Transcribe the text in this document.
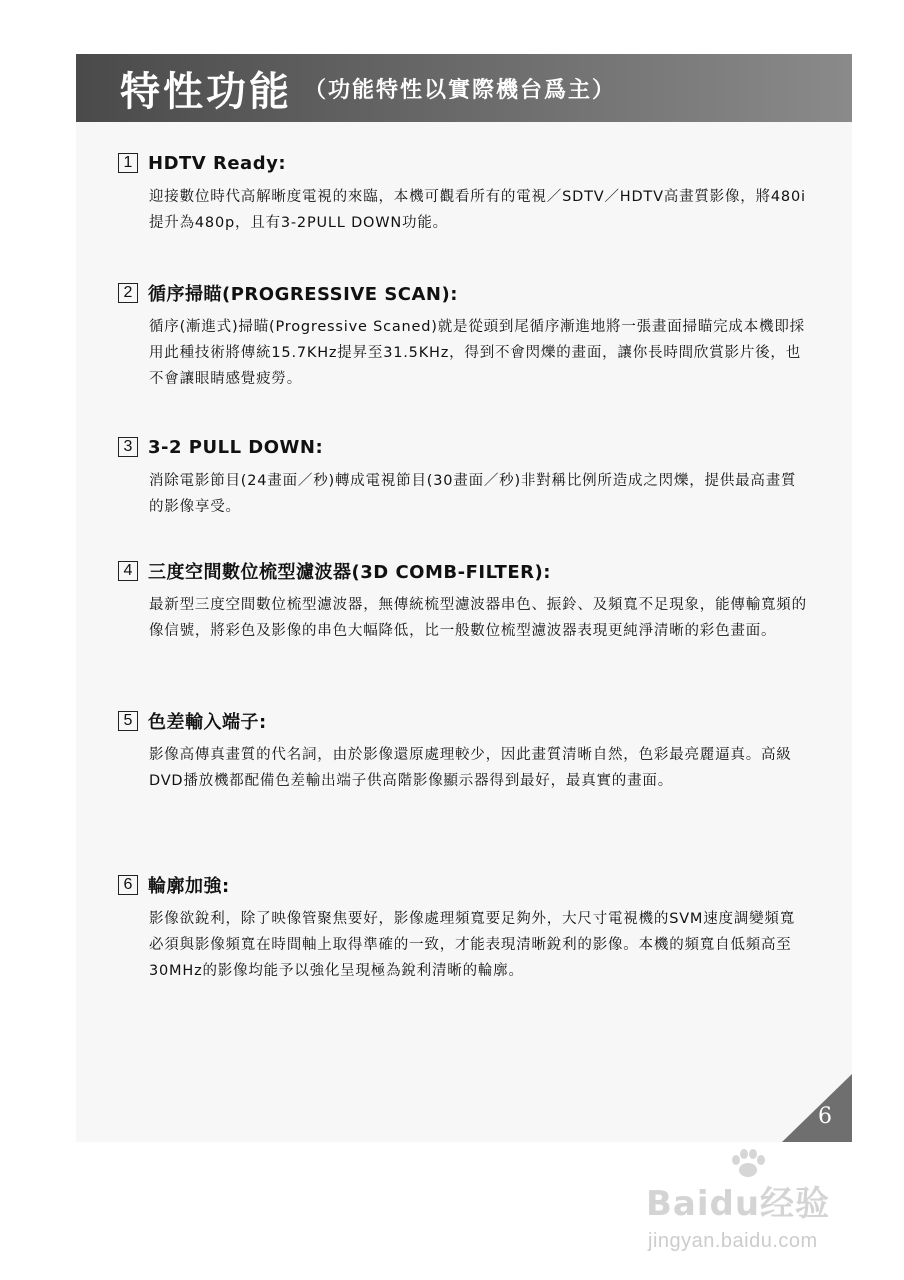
特性功能 （功能特性以實際機台爲主）
1 HDTV Ready:
迎接數位時代高解晰度電視的來臨，本機可觀看所有的電視／SDTV／HDTV高畫質影像，將480i提升為480p，且有3-2PULL DOWN功能。
2 循序掃瞄(PROGRESSIVE SCAN):
循序(漸進式)掃瞄(Progressive Scaned)就是從頭到尾循序漸進地將一張畫面掃瞄完成本機即採用此種技術將傳統15.7KHz提昇至31.5KHz，得到不會閃爍的畫面，讓你長時間欣賞影片後，也不會讓眼睛感覺疲勞。
3 3-2 PULL DOWN:
消除電影節目(24畫面／秒)轉成電視節目(30畫面／秒)非對稱比例所造成之閃爍，提供最高畫質的影像享受。
4 三度空間數位梳型濾波器(3D COMB-FILTER):
最新型三度空間數位梳型濾波器，無傳統梳型濾波器串色、振鈴、及頻寬不足現象，能傳輸寬頻的像信號，將彩色及影像的串色大幅降低，比一般數位梳型濾波器表現更純淨清晰的彩色畫面。
5 色差輸入端子:
影像高傳真畫質的代名詞，由於影像還原處理較少，因此畫質清晰自然，色彩最亮麗逼真。高級DVD播放機都配備色差輸出端子供高階影像顯示器得到最好，最真實的畫面。
6 輪廓加強:
影像欲銳利，除了映像管聚焦要好，影像處理頻寬要足夠外，大尺寸電視機的SVM速度調變頻寬必須與影像頻寬在時間軸上取得準確的一致，才能表現清晰銳利的影像。本機的頻寬自低頻高至30MHz的影像均能予以強化呈現極為銳利清晰的輪廓。
6
Baidu经验
jingyan.baidu.com
